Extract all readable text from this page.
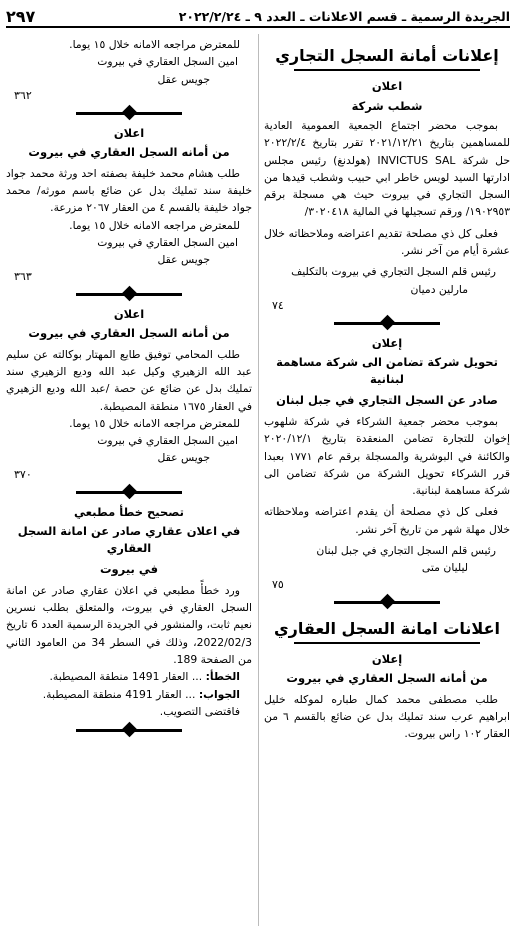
الجريدة الرسمية ـ قسم الاعلانات ـ العدد ٩ ـ ٢٠٢٢/٢/٢٤
٢٩٧
إعلانات أمانة السجل التجاري
اعلان
شطب شركة

بموجب محضر اجتماع الجمعية العمومية العادية للمساهمين بتاريخ ٢٠٢١/١٢/٢١ تقرر بتاريخ ٢٠٢٢/٢/٤ حل شركة INVICTUS SAL (هولدنغ) رئيس مجلس ادارتها السيد لويس خاطر ابي حبيب وشطب قيدها من السجل التجاري في بيروت حيث هي مسجلة برقم ١٩٠٢٩٥٣/ ورقم تسجيلها في المالية ٣٠٢٠٤١٨/

فعلى كل ذي مصلحة تقديم اعتراضه وملاحظاته خلال عشرة أيام من آخر نشر.

رئيس قلم السجل التجاري في بيروت بالتكليف
مارلين دميان
٧٤
إعلان
تحويل شركة تضامن الى شركة مساهمة لبنانية
صادر عن السجل التجاري في جبل لبنان

بموجب محضر جمعية الشركاء في شركة شلهوب إخوان للتجارة تضامن المنعقدة بتاريخ ٢٠٢٠/١٢/١ والكائنة في البوشرية والمسجلة برقم عام ١٧٧١ بعبدا قرر الشركاء تحويل الشركة من شركة تضامن الى شركة مساهمة لبنانية.

فعلى كل ذي مصلحة أن يقدم اعتراضه وملاحظاته خلال مهلة شهر من تاريخ آخر نشر.

رئيس قلم السجل التجاري في جبل لبنان
ليليان متى
٧٥
اعلانات امانة السجل العقاري
إعلان
من أمانه السجل العقاري في بيروت

طلب مصطفى محمد كمال طباره لموكله خليل ابراهيم عرب سند تمليك بدل عن ضائع بالقسم ٦ من العقار ١٠٢ راس بيروت.

للمعترض مراجعه الامانه خلال ١٥ يوما.

امين السجل العقاري في بيروت
جويس عقل
٣٦٢
اعلان
من أمانه السجل العقاري في بيروت

طلب هشام محمد خليفة بصفته احد ورثة محمد جواد خليفة سند تمليك بدل عن ضائع باسم مورثه/ محمد جواد خليفة بالقسم ٤ من العقار ٢٠٦٧ مزرعة.

للمعترض مراجعه الامانه خلال ١٥ يوما.

امين السجل العقاري في بيروت
جويس عقل
٣٦٣
اعلان
من أمانه السجل العقاري في بيروت

طلب المحامي توفيق طايع المهتار بوكالته عن سليم عبد الله الزهيري وكيل عبد الله وديع الزهيري سند تمليك بدل عن ضائع عن حصة /عبد الله وديع الزهيري في العقار ١٦٧٥ منطقة المصيطبة.

للمعترض مراجعه الامانه خلال ١٥ يوما.

امين السجل العقاري في بيروت
جويس عقل
٣٧٠
تصحيح خطأ مطبعي
في اعلان عقاري صادر عن امانة السجل العقاري
في بيروت

ورد خطأً مطبعي في اعلان عقاري صادر عن امانة السجل العقاري في بيروت، والمتعلق بطلب نسرين نعيم ثابت، والمنشور في الجريدة الرسمية العدد 6 تاريخ 2022/02/3، وذلك في السطر 34 من العامود الثاني من الصفحة 189.

الخطأ: ... العقار 1491 منطقة المصيطبة.

الجواب: ... العقار 4191 منطقة المصيطبة.

فاقتضى التصويب.
